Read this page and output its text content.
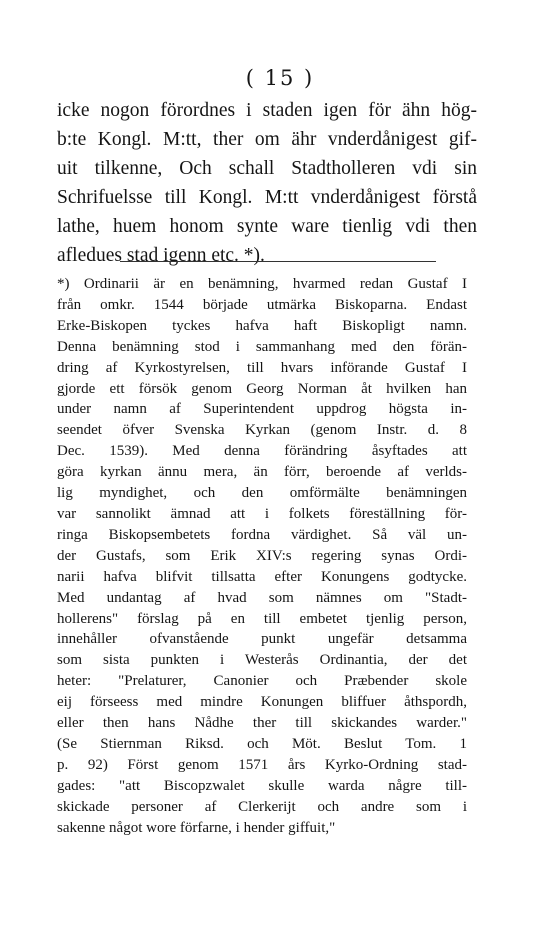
( 15 )
icke nogon förordnes i staden igen för ähn hög-
b:te Kongl. M:tt, ther om ähr vnderdånigest gif-
uit tilkenne, Och schall Stadtholleren vdi sin
Schrifuelsse till Kongl. M:tt vnderdånigest förstå
lathe, huem honom synte ware tienlig vdi then
afledues stad igenn etc. *).
*) Ordinarii är en benämning, hvarmed redan Gustaf I
från omkr. 1544 började utmärka Biskoparna. Endast
Erke-Biskopen tyckes hafva haft Biskopligt namn.
Denna benämning stod i sammanhang med den förän-
dring af Kyrkostyrelsen, till hvars införande Gustaf I
gjorde ett försök genom Georg Norman åt hvilken han
under namn af Superintendent uppdrog högsta in-
seendet öfver Svenska Kyrkan (genom Instr. d. 8
Dec. 1539). Med denna förändring åsyftades att
göra kyrkan ännu mera, än förr, beroende af verlds-
lig myndighet, och den omförmälte benämningen
var sannolikt ämnad att i folkets föreställning för-
ringa Biskopsembetets fordna värdighet. Så väl un-
der Gustafs, som Erik XIV:s regering synas Ordi-
narii hafva blifvit tillsatta efter Konungens godtycke.
Med undantag af hvad som nämnes om "Stadt-
hollerens" förslag på en till embetet tjenlig person,
innehåller ofvanstående punkt ungefär detsamma
som sista punkten i Westerås Ordinantia, der det
heter: "Prelaturer, Canonier och Præbender skole
eij förseess med mindre Konungen bliffuer åthspordh,
eller then hans Nådhe ther till skickandes warder."
(Se Stiernman Riksd. och Möt. Beslut Tom. 1
p. 92) Först genom 1571 års Kyrko-Ordning stad-
gades: "att Biscopzwalet skulle warda någre till-
skickade personer af Clerkerijt och andre som i
sakenne något wore förfarne, i hender giffuit,"
